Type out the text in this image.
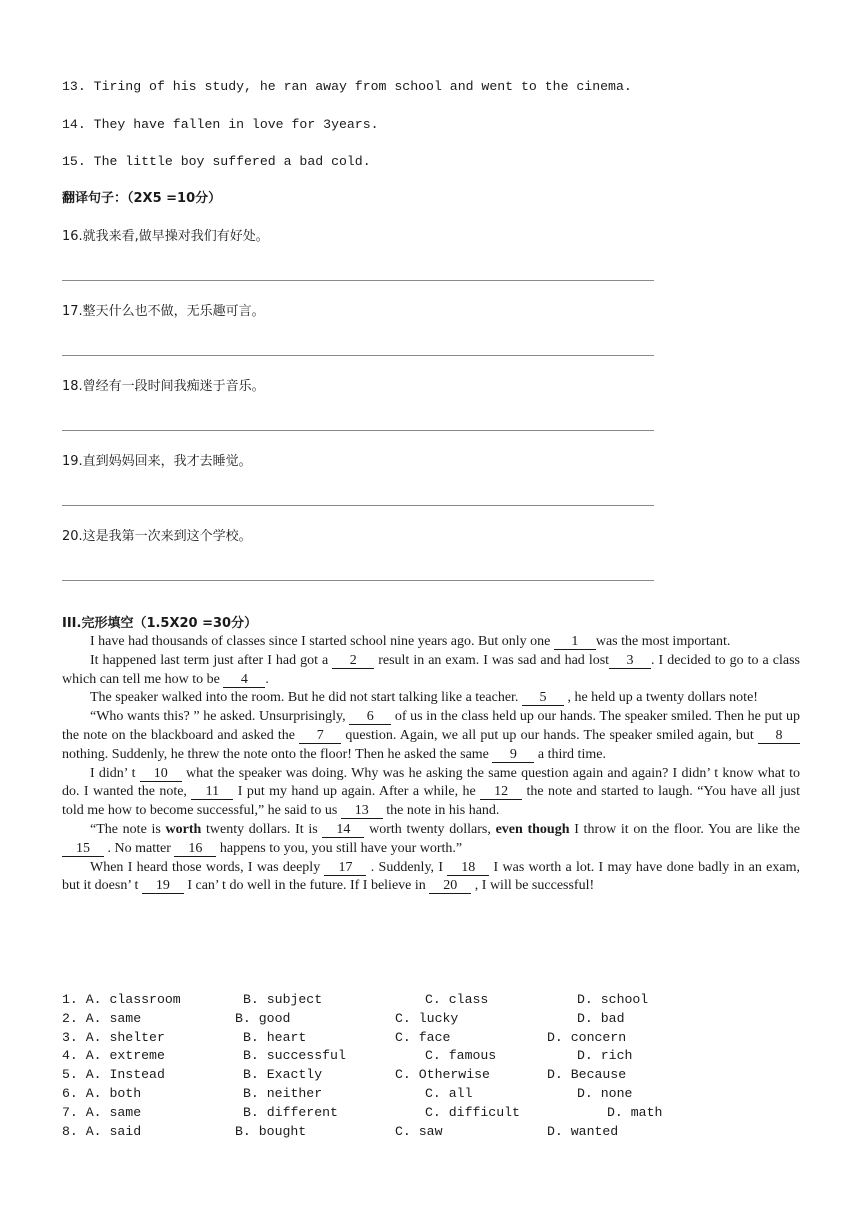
13. Tiring of his study, he ran away from school and went to the cinema.
14. They have fallen in love for 3years.
15. The little boy suffered a bad cold.
翻译句子：（2X5 =10分）
16.就我来看,做早操对我们有好处。
17.整天什么也不做，无乐趣可言。
18.曾经有一段时间我痴迷于音乐。
19.直到妈妈回来，我才去睡觉。
20.这是我第一次来到这个学校。
III.完形填空（1.5X20 =30分）
I have had thousands of classes since I started school nine years ago. But only one 1 was the most important.
It happened last term just after I had got a 2 result in an exam. I was sad and had lost 3 . I decided to go to a class which can tell me how to be 4 .
The speaker walked into the room. But he did not start talking like a teacher. 5 , he held up a twenty dollars note!
“Who wants this? ” he asked. Unsurprisingly, 6 of us in the class held up our hands. The speaker smiled. Then he put up the note on the blackboard and asked the 7 question. Again, we all put up our hands. The speaker smiled again, but 8 nothing. Suddenly, he threw the note onto the floor! Then he asked the same 9 a third time.
I didn’ t 10 what the speaker was doing. Why was he asking the same question again and again? I didn’ t know what to do. I wanted the note, 11 I put my hand up again. After a while, he 12 the note and started to laugh. “You have all just told me how to become successful,” he said to us 13 the note in his hand.
“The note is worth twenty dollars. It is 14 worth twenty dollars, even though I throw it on the floor. You are like the15 . No matter 16 happens to you, you still have your worth.”
When I heard those words, I was deeply 17 . Suddenly, I 18 I was worth a lot. I may have done badly in an exam, but it doesn’ t 19 I can’ t do well in the future. If I believe in 20 , I will be successful!
1. A. classroom	B. subject	C. class	D. school
2. A. same	B. good	C. lucky	D. bad
3. A. shelter	B. heart	C. face	D. concern
4. A. extreme	B. successful	C. famous	D. rich
5. A. Instead	B. Exactly	C. Otherwise	D. Because
6. A. both	B. neither	C. all	D. none
7. A. same	B. different	C. difficult	D. math
8. A. said	B. bought	C. saw	D. wanted
